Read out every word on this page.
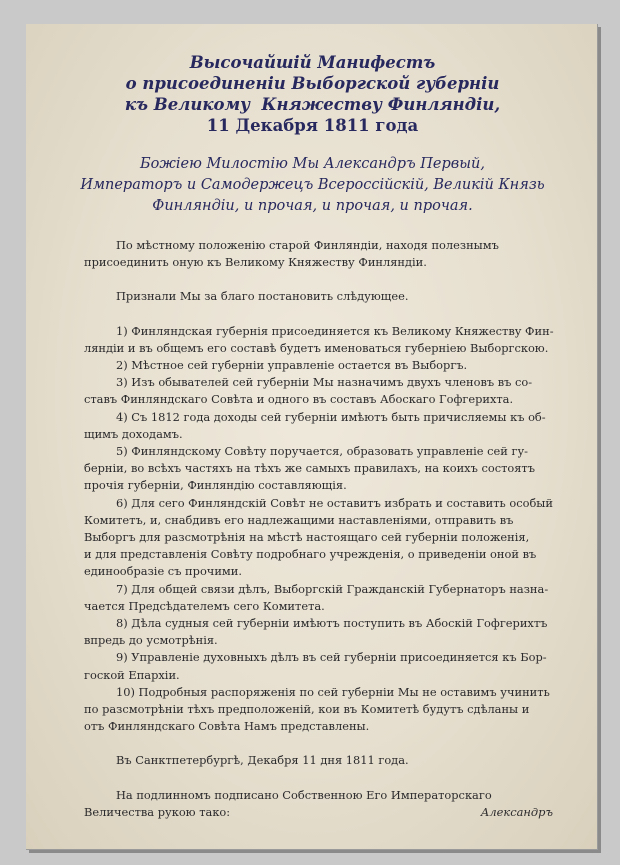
Высочайшій Манифестъ
о присоединеніи Выборгской губерніи
къ Великому  Княжеству Финляндіи,
11 Декабря 1811 года
Божіею Милостію Мы Александръ Первый,
Императоръ и Самодержецъ Всероссійскій, Великій Князь
Финляндіи, и прочая, и прочая, и прочая.

По мѣстному положенію старой Финляндіи, находя полезнымъ

присоединить оную къ Великому Княжеству Финляндіи.

Признали Мы за благо постановить слѣдующее.

1) Финляндская губернія присоединяется къ Великому Княжеству Фин-

ляндіи и въ общемъ его составѣ будетъ именоваться губерніею Выборгскою.

2) Мѣстное сей губерніи управленіе остается въ Выборгъ.

3) Изъ обывателей сей губерніи Мы назначимъ двухъ членовъ въ со-

ставъ Финляндскаго Совѣта и одного въ составъ Абоскаго Гофгерихта.

4) Съ 1812 года доходы сей губерніи имѣютъ быть причисляемы къ об-

щимъ доходамъ.

5) Финляндскому Совѣту поручается, образовать управленіе сей гу-

берніи, во всѣхъ частяхъ на тѣхъ же самыхъ правилахъ, на коихъ состоятъ

прочія губерніи, Финляндію составляющія.

6) Для сего Финляндскій Совѣт не оставитъ избрать и составить особый

Комитетъ, и, снабдивъ его надлежащими наставленіями, отправить въ

Выборгъ для разсмотрѣнія на мѣстѣ настоящаго сей губерніи положенія,

и для представленія Совѣту подробнаго учрежденія, о приведеніи оной въ

единообразіе съ прочими.

7) Для общей связи дѣлъ, Выборгскій Гражданскій Губернаторъ назна-

чается Предсѣдателемъ сего Комитета.

8) Дѣла судныя сей губерніи имѣютъ поступить въ Абоскій Гофгерихтъ

впредь до усмотрѣнія.

9) Управленіе духовныхъ дѣлъ въ сей губерніи присоединяется къ Бор-

гоской Епархіи.

10) Подробныя распоряженія по сей губерніи Мы не оставимъ учинить

по разсмотрѣніи тѣхъ предположеній, кои въ Комитетѣ будутъ сдѣланы и

отъ Финляндскаго Совѣта Намъ представлены.

Въ Санктпетербургѣ, Декабря 11 дня 1811 года.

На подлинномъ подписано Собственною Его Императорскаго

Величества рукою тако:	Александръ
